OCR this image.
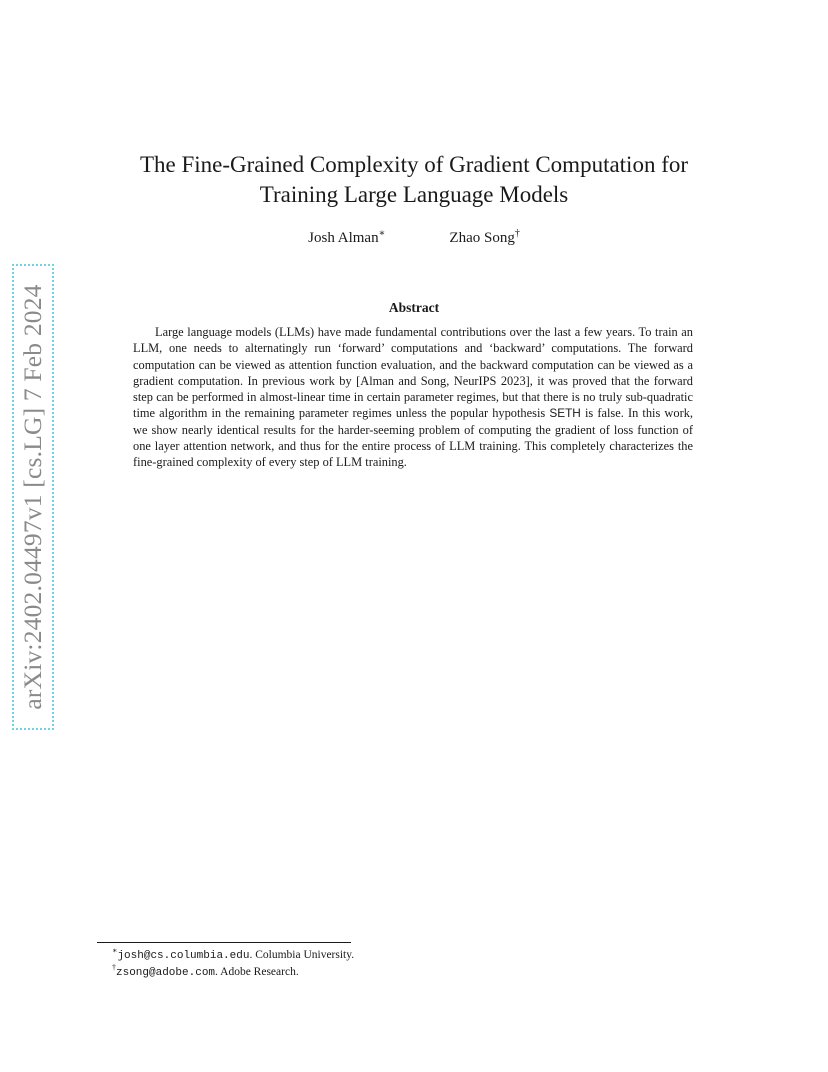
arXiv:2402.04497v1 [cs.LG] 7 Feb 2024
The Fine-Grained Complexity of Gradient Computation for
Training Large Language Models
Josh Alman∗	Zhao Song†
Abstract

Large language models (LLMs) have made fundamental contributions over the last a few years. To train an LLM, one needs to alternatingly run ‘forward’ computations and ‘backward’ computations. The forward computation can be viewed as attention function evaluation, and the backward computation can be viewed as a gradient computation. In previous work by [Alman and Song, NeurIPS 2023], it was proved that the forward step can be performed in almost-linear time in certain parameter regimes, but that there is no truly sub-quadratic time algorithm in the remaining parameter regimes unless the popular hypothesis SETH is false. In this work, we show nearly identical results for the harder-seeming problem of computing the gradient of loss function of one layer attention network, and thus for the entire process of LLM training. This completely characterizes the fine-grained complexity of every step of LLM training.

∗josh@cs.columbia.edu. Columbia University.
†zsong@adobe.com. Adobe Research.
